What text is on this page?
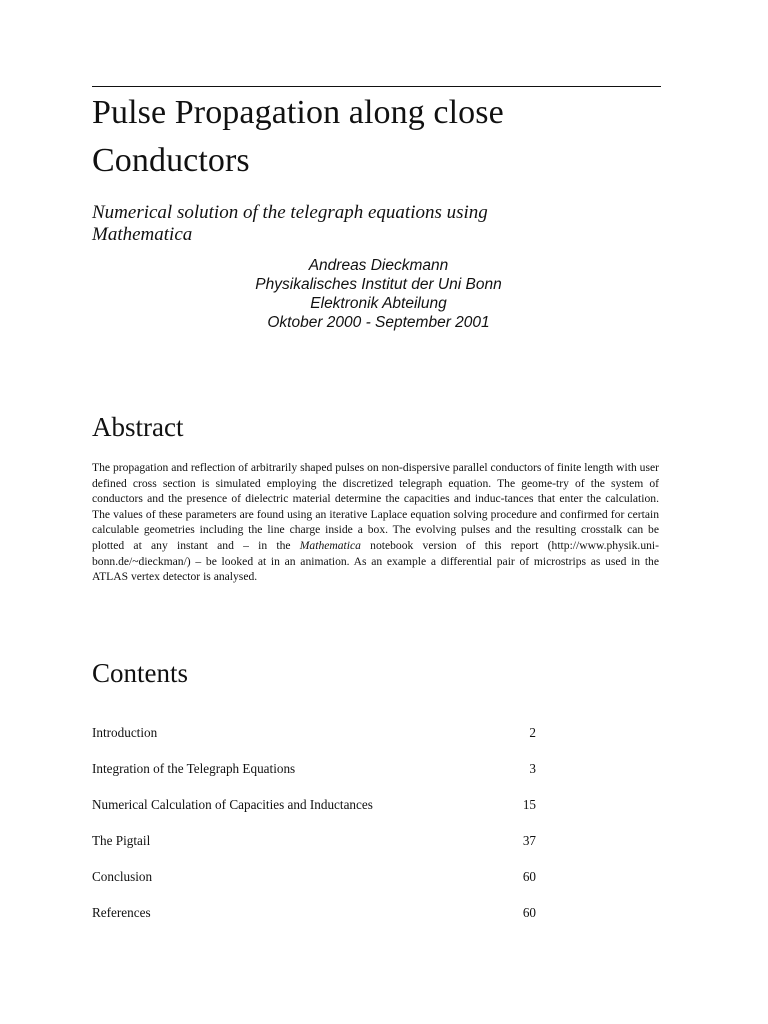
Pulse Propagation along close
Conductors

Numerical solution of the telegraph equations using
Mathematica

Andreas Dieckmann
Physikalisches Institut der Uni Bonn
Elektronik Abteilung
Oktober 2000 - September 2001
Abstract

The propagation and reflection of arbitrarily shaped pulses on non-dispersive parallel conductors of finite length with user defined cross section is simulated employing the discretized telegraph equation. The geome-try of the system of conductors and the presence of dielectric material determine the capacities and induc-tances that enter the calculation. The values of these parameters are found using an iterative Laplace equation solving procedure and confirmed for certain calculable geometries including the line charge inside a box. The evolving pulses and the resulting crosstalk can be plotted at any instant and – in the Mathematica notebook version of this report (http://www.physik.uni-bonn.de/~dieckman/) – be looked at in an animation. As an example a differential pair of microstrips as used in the ATLAS vertex detector is analysed.

Contents
Introduction	2
Integration of the Telegraph Equations	3
Numerical Calculation of Capacities and Inductances	15
The Pigtail	37
Conclusion	60
References	60
